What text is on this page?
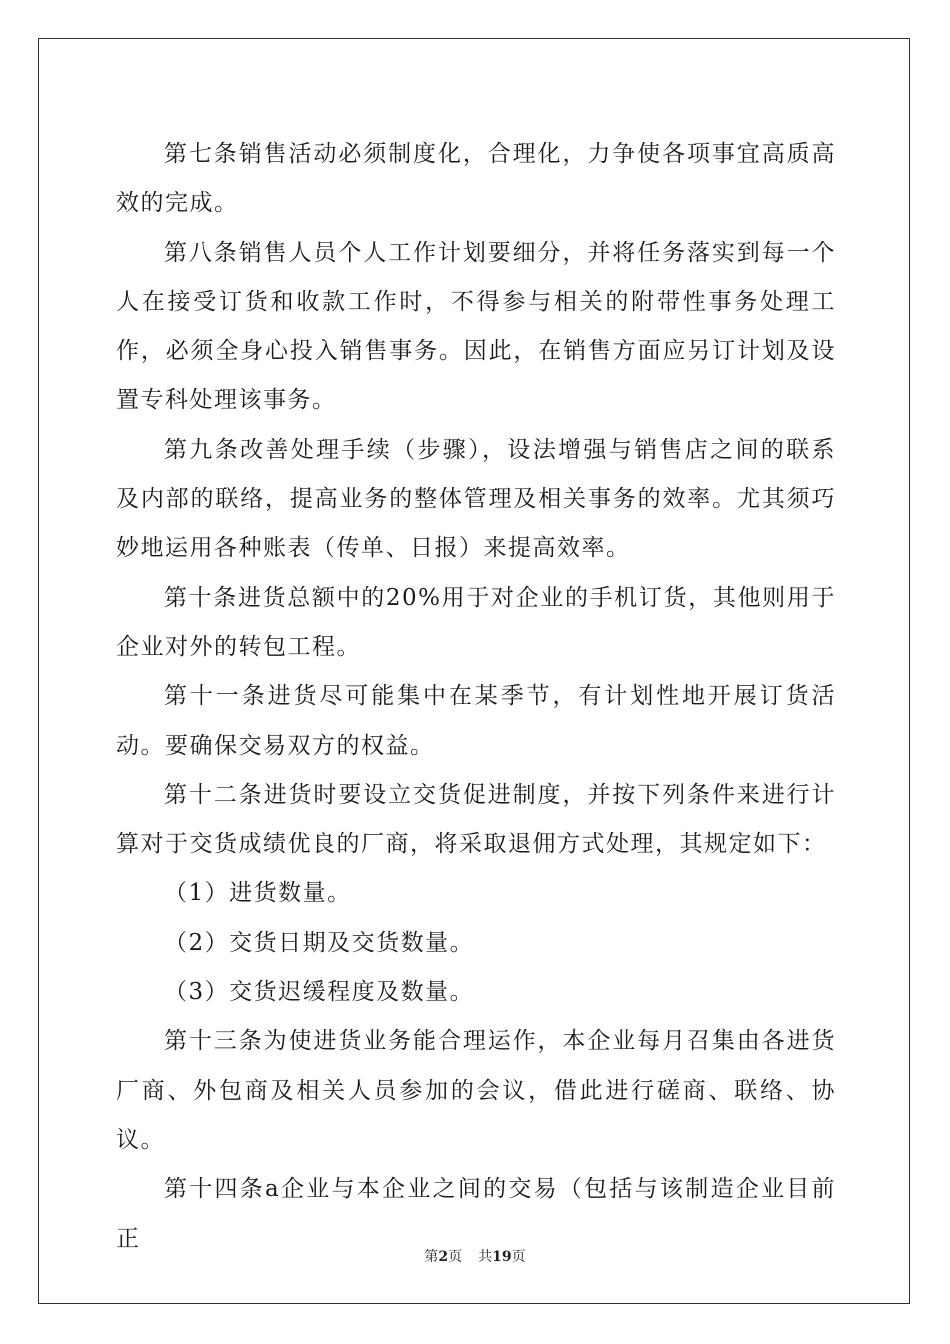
第七条销售活动必须制度化，合理化，力争使各项事宜高质高效的完成。

第八条销售人员个人工作计划要细分，并将任务落实到每一个人在接受订货和收款工作时，不得参与相关的附带性事务处理工作，必须全身心投入销售事务。因此，在销售方面应另订计划及设置专科处理该事务。

第九条改善处理手续（步骤），设法增强与销售店之间的联系及内部的联络，提高业务的整体管理及相关事务的效率。尤其须巧妙地运用各种账表（传单、日报）来提高效率。

第十条进货总额中的20%用于对企业的手机订货，其他则用于企业对外的转包工程。

第十一条进货尽可能集中在某季节，有计划性地开展订货活动。要确保交易双方的权益。

第十二条进货时要设立交货促进制度，并按下列条件来进行计算对于交货成绩优良的厂商，将采取退佣方式处理，其规定如下：

（1）进货数量。

（2）交货日期及交货数量。

（3）交货迟缓程度及数量。

第十三条为使进货业务能合理运作，本企业每月召集由各进货厂商、外包商及相关人员参加的会议，借此进行磋商、联络、协议。

第十四条a企业与本企业之间的交易（包括与该制造企业目前正

第2页 共19页
